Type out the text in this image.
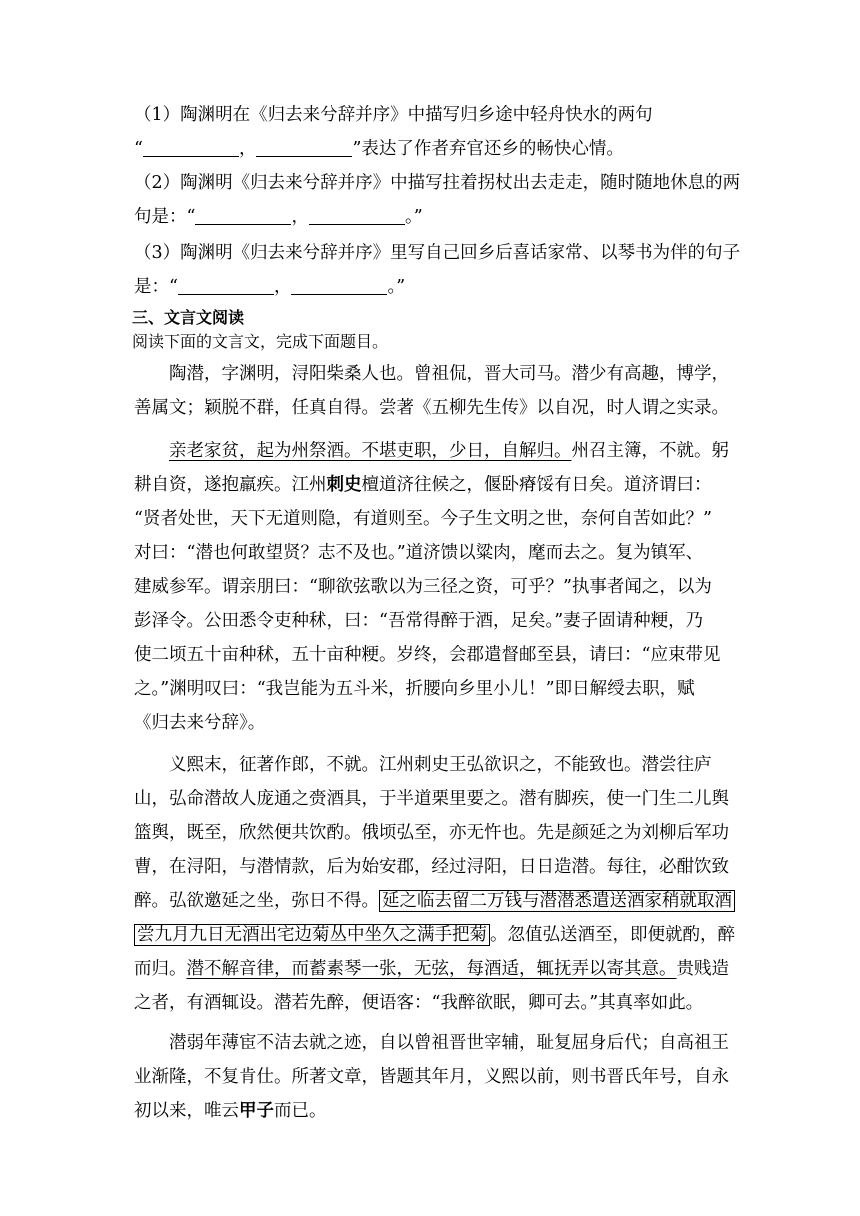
（1）陶渊明在《归去来兮辞并序》中描写归乡途中轻舟快水的两句
“	，	”表达了作者弃官还乡的畅快心情。
（2）陶渊明《归去来兮辞并序》中描写拄着拐杖出去走走，随时随地休息的两
句是：“	，	。”
（3）陶渊明《归去来兮辞并序》里写自己回乡后喜话家常、以琴书为伴的句子
是：“	，	。”
三、文言文阅读
阅读下面的文言文，完成下面题目。
陶潜，字渊明，浔阳柴桑人也。曾祖侃，晋大司马。潜少有高趣，博学，
善属文；颖脱不群，任真自得。尝著《五柳先生传》以自况，时人谓之实录。
亲老家贫，起为州祭酒。不堪吏职，少日，自解归。州召主簿，不就。躬
耕自资，遂抱羸疾。江州刺史檀道济往候之，偃卧瘠馁有日矣。道济谓曰：
“贤者处世，天下无道则隐，有道则至。今子生文明之世，奈何自苦如此？”
对曰：“潜也何敢望贤？志不及也。”道济馈以粱肉，麾而去之。复为镇军、
建威参军。谓亲朋曰：“聊欲弦歌以为三径之资，可乎？”执事者闻之，以为
彭泽令。公田悉令吏种秫，曰：“吾常得醉于酒，足矣。”妻子固请种粳，乃
使二顷五十亩种秫，五十亩种粳。岁终，会郡遣督邮至县，请曰：“应束带见
之。”渊明叹曰：“我岂能为五斗米，折腰向乡里小儿！”即日解绶去职，赋
《归去来兮辞》。
义熙末，征著作郎，不就。江州刺史王弘欲识之，不能致也。潜尝往庐
山，弘命潜故人庞通之赍酒具，于半道栗里要之。潜有脚疾，使一门生二儿舆
篮舆，既至，欣然便共饮酌。俄顷弘至，亦无忤也。先是颜延之为刘柳后军功
曹，在浔阳，与潜情款，后为始安郡，经过浔阳，日日造潜。每往，必酣饮致
醉。弘欲邀延之坐，弥日不得。 延之临去留二万钱与潜潜悉遣送酒家稍就取酒
尝九月九日无酒出宅边菊丛中坐久之满手把菊 。忽值弘送酒至，即便就酌，醉
而归。潜不解音律，而蓄素琴一张，无弦，每酒适，辄抚弄以寄其意。贵贱造
之者，有酒辄设。潜若先醉，便语客：“我醉欲眠，卿可去。”其真率如此。
潜弱年薄宦不洁去就之迹，自以曾祖晋世宰辅，耻复屈身后代；自高祖王
业渐隆，不复肯仕。所著文章，皆题其年月，义熙以前，则书晋氏年号，自永
初以来，唯云甲子而已。
